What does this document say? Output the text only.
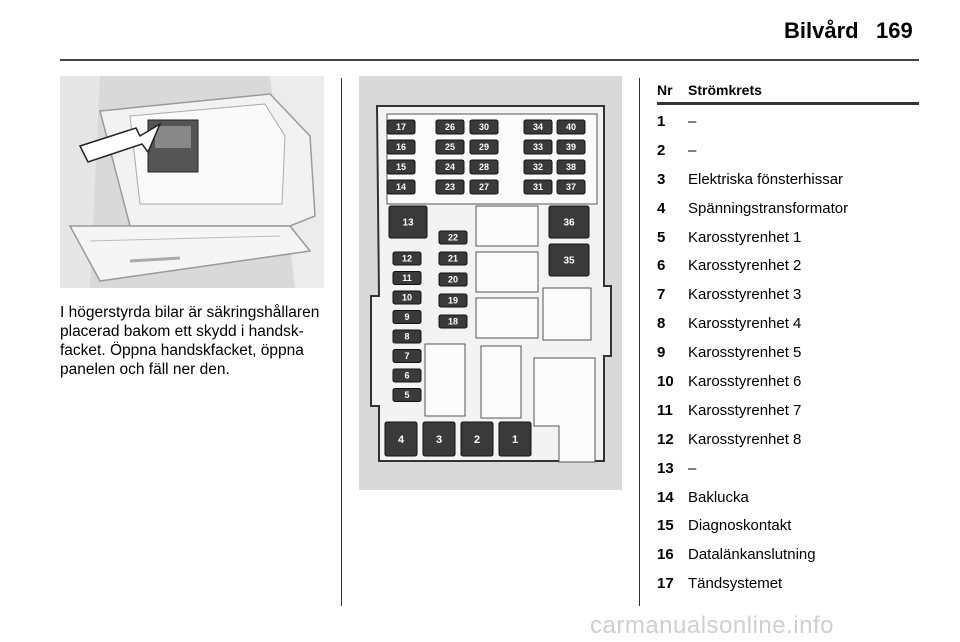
Bilvård 169
I högerstyrda bilar är säkringshållaren placerad bakom ett skydd i handskfacket. Öppna handskfacket, öppna panelen och fäll ner den.
17
16
15
14
26
25
24
23
30
29
28
27
34
33
32
31
40
39
38
37
12
11
10
9
8
7
6
5
22
21
20
19
18
13	36
35
4	3	2	1
Nr Strömkrets
1 –
2 –
3 Elektriska fönsterhissar
4 Spänningstransformator
5 Karosstyrenhet 1
6 Karosstyrenhet 2
7 Karosstyrenhet 3
8 Karosstyrenhet 4
9 Karosstyrenhet 5
10 Karosstyrenhet 6
11 Karosstyrenhet 7
12 Karosstyrenhet 8
13 –
14 Baklucka
15 Diagnoskontakt
16 Datalänkanslutning
17 Tändsystemet
carmanualsonline.info
